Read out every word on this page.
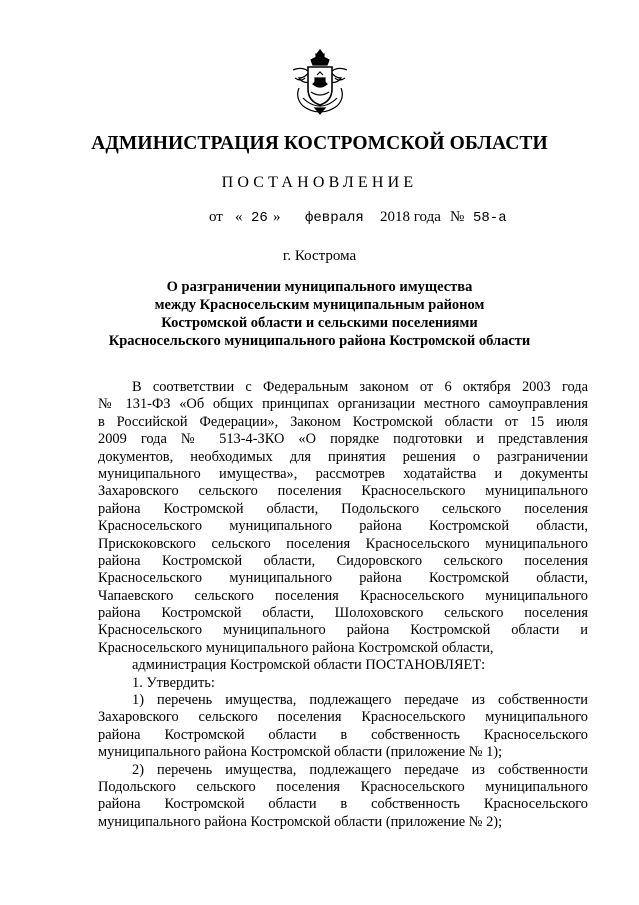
АДМИНИСТРАЦИЯ КОСТРОМСКОЙ ОБЛАСТИ
ПОСТАНОВЛЕНИЕ
от « 26 » февраля 2018 года № 58-а
г. Кострома
О разграничении муниципального имущества
между Красносельским муниципальным районом
Костромской области и сельскими поселениями
Красносельского муниципального района Костромской области
В соответствии с Федеральным законом от 6 октября 2003 года
№ 131-ФЗ «Об общих принципах организации местного самоуправления
в Российской Федерации», Законом Костромской области от 15 июля
2009 года № 513-4-ЗКО «О порядке подготовки и представления
документов, необходимых для принятия решения о разграничении
муниципального имущества», рассмотрев ходатайства и документы
Захаровского сельского поселения Красносельского муниципального
района Костромской области, Подольского сельского поселения
Красносельского муниципального района Костромской области,
Прискоковского сельского поселения Красносельского муниципального
района Костромской области, Сидоровского сельского поселения
Красносельского муниципального района Костромской области,
Чапаевского сельского поселения Красносельского муниципального
района Костромской области, Шолоховского сельского поселения
Красносельского муниципального района Костромской области и
Красносельского муниципального района Костромской области,
администрация Костромской области ПОСТАНОВЛЯЕТ:
1. Утвердить:
1) перечень имущества, подлежащего передаче из собственности
Захаровского сельского поселения Красносельского муниципального
района Костромской области в собственность Красносельского
муниципального района Костромской области (приложение № 1);
2) перечень имущества, подлежащего передаче из собственности
Подольского сельского поселения Красносельского муниципального
района Костромской области в собственность Красносельского
муниципального района Костромской области (приложение № 2);
